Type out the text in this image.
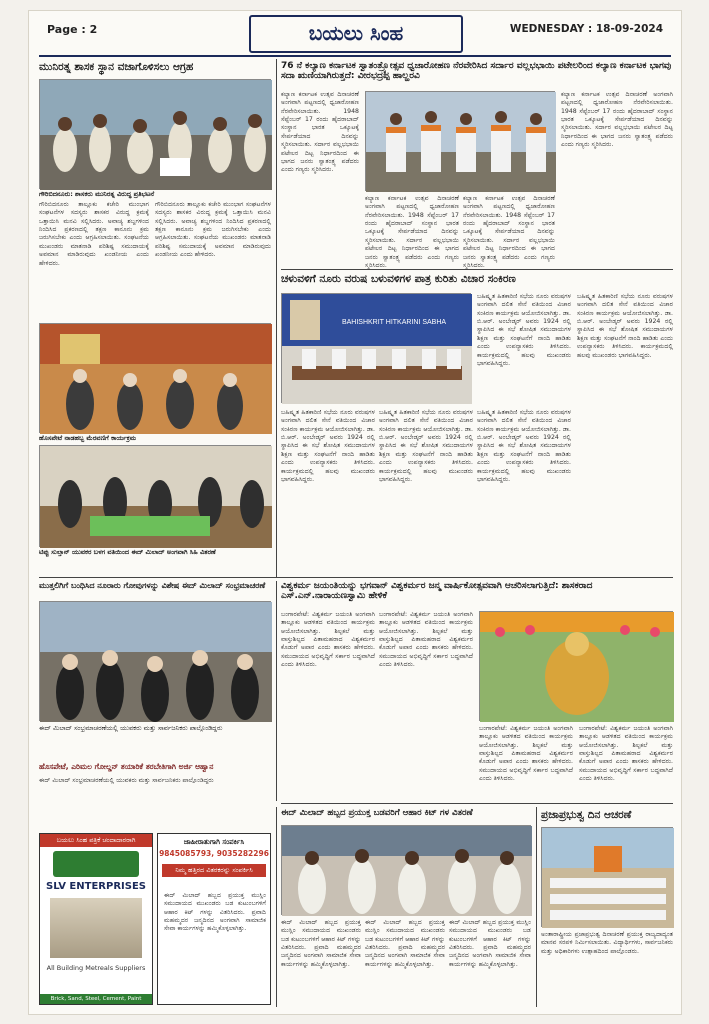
Page : 2	ಬಯಲು ಸಿಂಹ	WEDNESDAY : 18-09-2024
ಮುನಿರತ್ನ ಶಾಸಕ ಸ್ಥಾನ ವಜಾಗೊಳಿಸಲು ಆಗ್ರಹ
ಗೌರಿಬಿದನೂರು: ಶಾಸಕರು ಮುನಿರತ್ನ ವಿರುದ್ಧ ಪ್ರತಿಭಟನೆ
ಗೌರಿಬಿದನೂರು ತಾಲ್ಲೂಕು ಕಚೇರಿ ಮುಂಭಾಗ ಸಂಘಟನೆಗಳ ಸದಸ್ಯರು ಶಾಸಕರ ವಿರುದ್ಧ ಕ್ರಮಕ್ಕೆ ಒತ್ತಾಯಿಸಿ ಮನವಿ ಸಲ್ಲಿಸಿದರು. ಅವಾಚ್ಯ ಶಬ್ದಗಳಿಂದ ನಿಂದಿಸಿದ ಪ್ರಕರಣದಲ್ಲಿ ತಕ್ಷಣ ಕಾನೂನು ಕ್ರಮ ಜರುಗಿಸಬೇಕು ಎಂದು ಆಗ್ರಹಿಸಲಾಯಿತು. ಸಂಘಟನೆಯ ಮುಖಂಡರು ಮಾತನಾಡಿ ಪರಿಶಿಷ್ಟ ಸಮುದಾಯಕ್ಕೆ ಅವಮಾನ ಮಾಡಿರುವುದು ಖಂಡನೀಯ ಎಂದು ಹೇಳಿದರು.
ಗೌರಿಬಿದನೂರು ತಾಲ್ಲೂಕು ಕಚೇರಿ ಮುಂಭಾಗ ಸಂಘಟನೆಗಳ ಸದಸ್ಯರು ಶಾಸಕರ ವಿರುದ್ಧ ಕ್ರಮಕ್ಕೆ ಒತ್ತಾಯಿಸಿ ಮನವಿ ಸಲ್ಲಿಸಿದರು. ಅವಾಚ್ಯ ಶಬ್ದಗಳಿಂದ ನಿಂದಿಸಿದ ಪ್ರಕರಣದಲ್ಲಿ ತಕ್ಷಣ ಕಾನೂನು ಕ್ರಮ ಜರುಗಿಸಬೇಕು ಎಂದು ಆಗ್ರಹಿಸಲಾಯಿತು. ಸಂಘಟನೆಯ ಮುಖಂಡರು ಮಾತನಾಡಿ ಪರಿಶಿಷ್ಟ ಸಮುದಾಯಕ್ಕೆ ಅವಮಾನ ಮಾಡಿರುವುದು ಖಂಡನೀಯ ಎಂದು ಹೇಳಿದರು.
ಹೊಸಪೇಟೆ ನಾಡಹಬ್ಬ ಮೆರವಣಿಗೆ ಕಾರ್ಯಕ್ರಮ
ಟಿಪ್ಪು ಸುಲ್ತಾನ್ ಯುವಕರ ಬಳಗ ವತಿಯಿಂದ ಈದ್ ಮಿಲಾದ್ ಅಂಗವಾಗಿ ಸಿಹಿ ವಿತರಣೆ
76 ನೆ ಕಲ್ಯಾಣ ಕರ್ನಾಟಕ ಸ್ವಾತಂತ್ರ್ಯೋತ್ಸವ ಧ್ವಜಾರೋಹಣ ನೆರವೇರಿಸಿದ ಸರ್ದಾರ ವಲ್ಲಭಭಾಯಿ ಪಟೇಲರಿಂದ ಕಲ್ಯಾಣ ಕರ್ನಾಟಕ ಭಾಗವು ಸದಾ ಋಣಿಯಾಗಿರುತ್ತದೆ: ವೀರಭದ್ರಪ್ಪ ಹಾಲ್ಹರವಿ
ಕಲ್ಯಾಣ ಕರ್ನಾಟಕ ಉತ್ಸವ ದಿನಾಚರಣೆ ಅಂಗವಾಗಿ ಪಟ್ಟಣದಲ್ಲಿ ಧ್ವಜಾರೋಹಣ ನೆರವೇರಿಸಲಾಯಿತು. 1948 ಸೆಪ್ಟೆಂಬರ್ 17 ರಂದು ಹೈದರಾಬಾದ್ ಸಂಸ್ಥಾನ ಭಾರತ ಒಕ್ಕೂಟಕ್ಕೆ ಸೇರ್ಪಡೆಯಾದ ದಿನವನ್ನು ಸ್ಮರಿಸಲಾಯಿತು. ಸರ್ದಾರ ವಲ್ಲಭಭಾಯಿ ಪಟೇಲರ ದಿಟ್ಟ ನಿರ್ಧಾರದಿಂದ ಈ ಭಾಗದ ಜನರು ಸ್ವಾತಂತ್ರ್ಯ ಪಡೆದರು ಎಂದು ಗಣ್ಯರು ಸ್ಮರಿಸಿದರು.
ಕಲ್ಯಾಣ ಕರ್ನಾಟಕ ಉತ್ಸವ ದಿನಾಚರಣೆ ಅಂಗವಾಗಿ ಪಟ್ಟಣದಲ್ಲಿ ಧ್ವಜಾರೋಹಣ ನೆರವೇರಿಸಲಾಯಿತು. 1948 ಸೆಪ್ಟೆಂಬರ್ 17 ರಂದು ಹೈದರಾಬಾದ್ ಸಂಸ್ಥಾನ ಭಾರತ ಒಕ್ಕೂಟಕ್ಕೆ ಸೇರ್ಪಡೆಯಾದ ದಿನವನ್ನು ಸ್ಮರಿಸಲಾಯಿತು. ಸರ್ದಾರ ವಲ್ಲಭಭಾಯಿ ಪಟೇಲರ ದಿಟ್ಟ ನಿರ್ಧಾರದಿಂದ ಈ ಭಾಗದ ಜನರು ಸ್ವಾತಂತ್ರ್ಯ ಪಡೆದರು ಎಂದು ಗಣ್ಯರು ಸ್ಮರಿಸಿದರು.
ಕಲ್ಯಾಣ ಕರ್ನಾಟಕ ಉತ್ಸವ ದಿನಾಚರಣೆ ಅಂಗವಾಗಿ ಪಟ್ಟಣದಲ್ಲಿ ಧ್ವಜಾರೋಹಣ ನೆರವೇರಿಸಲಾಯಿತು. 1948 ಸೆಪ್ಟೆಂಬರ್ 17 ರಂದು ಹೈದರಾಬಾದ್ ಸಂಸ್ಥಾನ ಭಾರತ ಒಕ್ಕೂಟಕ್ಕೆ ಸೇರ್ಪಡೆಯಾದ ದಿನವನ್ನು ಸ್ಮರಿಸಲಾಯಿತು. ಸರ್ದಾರ ವಲ್ಲಭಭಾಯಿ ಪಟೇಲರ ದಿಟ್ಟ ನಿರ್ಧಾರದಿಂದ ಈ ಭಾಗದ ಜನರು ಸ್ವಾತಂತ್ರ್ಯ ಪಡೆದರು ಎಂದು ಗಣ್ಯರು ಸ್ಮರಿಸಿದರು.
ಕಲ್ಯಾಣ ಕರ್ನಾಟಕ ಉತ್ಸವ ದಿನಾಚರಣೆ ಅಂಗವಾಗಿ ಪಟ್ಟಣದಲ್ಲಿ ಧ್ವಜಾರೋಹಣ ನೆರವೇರಿಸಲಾಯಿತು. 1948 ಸೆಪ್ಟೆಂಬರ್ 17 ರಂದು ಹೈದರಾಬಾದ್ ಸಂಸ್ಥಾನ ಭಾರತ ಒಕ್ಕೂಟಕ್ಕೆ ಸೇರ್ಪಡೆಯಾದ ದಿನವನ್ನು ಸ್ಮರಿಸಲಾಯಿತು. ಸರ್ದಾರ ವಲ್ಲಭಭಾಯಿ ಪಟೇಲರ ದಿಟ್ಟ ನಿರ್ಧಾರದಿಂದ ಈ ಭಾಗದ ಜನರು ಸ್ವಾತಂತ್ರ್ಯ ಪಡೆದರು ಎಂದು ಗಣ್ಯರು ಸ್ಮರಿಸಿದರು.
ಚಳುವಳಿಗೆ ನೂರು ವರುಷ ಬಳುವಳಿಗಳ ಪಾತ್ರ ಕುರಿತು ವಿಚಾರ ಸಂಕಿರಣ
BAHISHKRIT HITKARINI SABHA
ಬಹಿಷ್ಕೃತ ಹಿತಕಾರಿಣಿ ಸಭೆಯ ನೂರು ವರುಷಗಳ ಅಂಗವಾಗಿ ದಲಿತ ಸೇನೆ ವತಿಯಿಂದ ವಿಚಾರ ಸಂಕಿರಣ ಕಾರ್ಯಕ್ರಮ ಆಯೋಜಿಸಲಾಗಿತ್ತು. ಡಾ. ಬಿ.ಆರ್. ಅಂಬೇಡ್ಕರ್ ಅವರು 1924 ರಲ್ಲಿ ಸ್ಥಾಪಿಸಿದ ಈ ಸಭೆ ಶೋಷಿತ ಸಮುದಾಯಗಳ ಶಿಕ್ಷಣ ಮತ್ತು ಸಂಘಟನೆಗೆ ನಾಂದಿ ಹಾಡಿತು ಎಂದು ಉಪನ್ಯಾಸಕರು ತಿಳಿಸಿದರು. ಕಾರ್ಯಕ್ರಮದಲ್ಲಿ ಹಲವು ಮುಖಂಡರು ಭಾಗವಹಿಸಿದ್ದರು.
ಬಹಿಷ್ಕೃತ ಹಿತಕಾರಿಣಿ ಸಭೆಯ ನೂರು ವರುಷಗಳ ಅಂಗವಾಗಿ ದಲಿತ ಸೇನೆ ವತಿಯಿಂದ ವಿಚಾರ ಸಂಕಿರಣ ಕಾರ್ಯಕ್ರಮ ಆಯೋಜಿಸಲಾಗಿತ್ತು. ಡಾ. ಬಿ.ಆರ್. ಅಂಬೇಡ್ಕರ್ ಅವರು 1924 ರಲ್ಲಿ ಸ್ಥಾಪಿಸಿದ ಈ ಸಭೆ ಶೋಷಿತ ಸಮುದಾಯಗಳ ಶಿಕ್ಷಣ ಮತ್ತು ಸಂಘಟನೆಗೆ ನಾಂದಿ ಹಾಡಿತು ಎಂದು ಉಪನ್ಯಾಸಕರು ತಿಳಿಸಿದರು. ಕಾರ್ಯಕ್ರಮದಲ್ಲಿ ಹಲವು ಮುಖಂಡರು ಭಾಗವಹಿಸಿದ್ದರು.
ಬಹಿಷ್ಕೃತ ಹಿತಕಾರಿಣಿ ಸಭೆಯ ನೂರು ವರುಷಗಳ ಅಂಗವಾಗಿ ದಲಿತ ಸೇನೆ ವತಿಯಿಂದ ವಿಚಾರ ಸಂಕಿರಣ ಕಾರ್ಯಕ್ರಮ ಆಯೋಜಿಸಲಾಗಿತ್ತು. ಡಾ. ಬಿ.ಆರ್. ಅಂಬೇಡ್ಕರ್ ಅವರು 1924 ರಲ್ಲಿ ಸ್ಥಾಪಿಸಿದ ಈ ಸಭೆ ಶೋಷಿತ ಸಮುದಾಯಗಳ ಶಿಕ್ಷಣ ಮತ್ತು ಸಂಘಟನೆಗೆ ನಾಂದಿ ಹಾಡಿತು ಎಂದು ಉಪನ್ಯಾಸಕರು ತಿಳಿಸಿದರು. ಕಾರ್ಯಕ್ರಮದಲ್ಲಿ ಹಲವು ಮುಖಂಡರು ಭಾಗವಹಿಸಿದ್ದರು.
ಬಹಿಷ್ಕೃತ ಹಿತಕಾರಿಣಿ ಸಭೆಯ ನೂರು ವರುಷಗಳ ಅಂಗವಾಗಿ ದಲಿತ ಸೇನೆ ವತಿಯಿಂದ ವಿಚಾರ ಸಂಕಿರಣ ಕಾರ್ಯಕ್ರಮ ಆಯೋಜಿಸಲಾಗಿತ್ತು. ಡಾ. ಬಿ.ಆರ್. ಅಂಬೇಡ್ಕರ್ ಅವರು 1924 ರಲ್ಲಿ ಸ್ಥಾಪಿಸಿದ ಈ ಸಭೆ ಶೋಷಿತ ಸಮುದಾಯಗಳ ಶಿಕ್ಷಣ ಮತ್ತು ಸಂಘಟನೆಗೆ ನಾಂದಿ ಹಾಡಿತು ಎಂದು ಉಪನ್ಯಾಸಕರು ತಿಳಿಸಿದರು. ಕಾರ್ಯಕ್ರಮದಲ್ಲಿ ಹಲವು ಮುಖಂಡರು ಭಾಗವಹಿಸಿದ್ದರು.
ಬಹಿಷ್ಕೃತ ಹಿತಕಾರಿಣಿ ಸಭೆಯ ನೂರು ವರುಷಗಳ ಅಂಗವಾಗಿ ದಲಿತ ಸೇನೆ ವತಿಯಿಂದ ವಿಚಾರ ಸಂಕಿರಣ ಕಾರ್ಯಕ್ರಮ ಆಯೋಜಿಸಲಾಗಿತ್ತು. ಡಾ. ಬಿ.ಆರ್. ಅಂಬೇಡ್ಕರ್ ಅವರು 1924 ರಲ್ಲಿ ಸ್ಥಾಪಿಸಿದ ಈ ಸಭೆ ಶೋಷಿತ ಸಮುದಾಯಗಳ ಶಿಕ್ಷಣ ಮತ್ತು ಸಂಘಟನೆಗೆ ನಾಂದಿ ಹಾಡಿತು ಎಂದು ಉಪನ್ಯಾಸಕರು ತಿಳಿಸಿದರು. ಕಾರ್ಯಕ್ರಮದಲ್ಲಿ ಹಲವು ಮುಖಂಡರು ಭಾಗವಹಿಸಿದ್ದರು.
ಮುತ್ತಲಿಗಿಗೆ ಬಂಧಿಸಿದ ನೂರಾರು ಗೋವುಗಳನ್ನು ವಿಶೇಷ ಈದ್ ಮಿಲಾದ್ ಸಂಭ್ರಮಾಚರಣೆ
ಈದ್ ಮಿಲಾದ್ ಸಂಭ್ರಮಾಚರಣೆಯಲ್ಲಿ ಯುವಕರು ಮತ್ತು ಸಾರ್ವಜನಿಕರು ಪಾಲ್ಗೊಂಡಿದ್ದರು
ಹೊಸಪೇಟೆ, ಎರಿಮಲ ಗೋಲ್ಡನ್ ತಯಾರಿಕೆ ತರಬೇತಿಗಾಗಿ ಅರ್ಜಿ ಆಹ್ವಾನ
ಈದ್ ಮಿಲಾದ್ ಸಂಭ್ರಮಾಚರಣೆಯಲ್ಲಿ ಯುವಕರು ಮತ್ತು ಸಾರ್ವಜನಿಕರು ಪಾಲ್ಗೊಂಡಿದ್ದರು
ವಿಶ್ವಕರ್ಮ ಜಯಂತಿಯನ್ನು ಭಗವಾನ್ ವಿಶ್ವಕರ್ಮರ ಜನ್ಮ ವಾರ್ಷಿಕೋತ್ಸವವಾಗಿ ಆಚರಿಸಲಾಗುತ್ತಿದೆ: ಶಾಸಕರಾದ ಎಸ್.ಎನ್.ನಾರಾಯಣಸ್ವಾಮಿ ಹೇಳಿಕೆ
ಬಂಗಾರಪೇಟೆ: ವಿಶ್ವಕರ್ಮ ಜಯಂತಿ ಅಂಗವಾಗಿ ತಾಲ್ಲೂಕು ಆಡಳಿತದ ವತಿಯಿಂದ ಕಾರ್ಯಕ್ರಮ ಆಯೋಜಿಸಲಾಗಿತ್ತು. ಶಿಲ್ಪಕಲೆ ಮತ್ತು ವಾಸ್ತುಶಿಲ್ಪದ ಪಿತಾಮಹರಾದ ವಿಶ್ವಕರ್ಮರ ಕೊಡುಗೆ ಅಪಾರ ಎಂದು ಶಾಸಕರು ಹೇಳಿದರು. ಸಮುದಾಯದ ಅಭಿವೃದ್ಧಿಗೆ ಸರ್ಕಾರ ಬದ್ಧವಾಗಿದೆ ಎಂದು ತಿಳಿಸಿದರು.
ಬಂಗಾರಪೇಟೆ: ವಿಶ್ವಕರ್ಮ ಜಯಂತಿ ಅಂಗವಾಗಿ ತಾಲ್ಲೂಕು ಆಡಳಿತದ ವತಿಯಿಂದ ಕಾರ್ಯಕ್ರಮ ಆಯೋಜಿಸಲಾಗಿತ್ತು. ಶಿಲ್ಪಕಲೆ ಮತ್ತು ವಾಸ್ತುಶಿಲ್ಪದ ಪಿತಾಮಹರಾದ ವಿಶ್ವಕರ್ಮರ ಕೊಡುಗೆ ಅಪಾರ ಎಂದು ಶಾಸಕರು ಹೇಳಿದರು. ಸಮುದಾಯದ ಅಭಿವೃದ್ಧಿಗೆ ಸರ್ಕಾರ ಬದ್ಧವಾಗಿದೆ ಎಂದು ತಿಳಿಸಿದರು.
ಬಂಗಾರಪೇಟೆ: ವಿಶ್ವಕರ್ಮ ಜಯಂತಿ ಅಂಗವಾಗಿ ತಾಲ್ಲೂಕು ಆಡಳಿತದ ವತಿಯಿಂದ ಕಾರ್ಯಕ್ರಮ ಆಯೋಜಿಸಲಾಗಿತ್ತು. ಶಿಲ್ಪಕಲೆ ಮತ್ತು ವಾಸ್ತುಶಿಲ್ಪದ ಪಿತಾಮಹರಾದ ವಿಶ್ವಕರ್ಮರ ಕೊಡುಗೆ ಅಪಾರ ಎಂದು ಶಾಸಕರು ಹೇಳಿದರು. ಸಮುದಾಯದ ಅಭಿವೃದ್ಧಿಗೆ ಸರ್ಕಾರ ಬದ್ಧವಾಗಿದೆ ಎಂದು ತಿಳಿಸಿದರು.
ಬಂಗಾರಪೇಟೆ: ವಿಶ್ವಕರ್ಮ ಜಯಂತಿ ಅಂಗವಾಗಿ ತಾಲ್ಲೂಕು ಆಡಳಿತದ ವತಿಯಿಂದ ಕಾರ್ಯಕ್ರಮ ಆಯೋಜಿಸಲಾಗಿತ್ತು. ಶಿಲ್ಪಕಲೆ ಮತ್ತು ವಾಸ್ತುಶಿಲ್ಪದ ಪಿತಾಮಹರಾದ ವಿಶ್ವಕರ್ಮರ ಕೊಡುಗೆ ಅಪಾರ ಎಂದು ಶಾಸಕರು ಹೇಳಿದರು. ಸಮುದಾಯದ ಅಭಿವೃದ್ಧಿಗೆ ಸರ್ಕಾರ ಬದ್ಧವಾಗಿದೆ ಎಂದು ತಿಳಿಸಿದರು.
ಬಯಲು ಸಿಂಹ ಪತ್ರಿಕೆ ಚಂದಾದಾರರಾಗಿ
SLV ENTERPRISES
All Building Metreals Suppliers
Brick, Sand, Steel, Cement, Paint
ಜಾಹೀರಾತುಗಾಗಿ ಸಂಪರ್ಕಿಸಿ
9845085793, 9035282296
ನಿಮ್ಮ ಹತ್ತಿರದ ವಿತರಕರನ್ನು ಸಂಪರ್ಕಿಸಿ
ಈದ್ ಮಿಲಾದ್ ಹಬ್ಬದ ಪ್ರಯುಕ್ತ ಮುಸ್ಲಿಂ ಸಮುದಾಯದ ಮುಖಂಡರು ಬಡ ಕುಟುಂಬಗಳಿಗೆ ಆಹಾರ ಕಿಟ್ ಗಳನ್ನು ವಿತರಿಸಿದರು. ಪ್ರವಾದಿ ಮಹಮ್ಮದರ ಜನ್ಮದಿನದ ಅಂಗವಾಗಿ ಸಾಮಾಜಿಕ ಸೇವಾ ಕಾರ್ಯಗಳನ್ನು ಹಮ್ಮಿಕೊಳ್ಳಲಾಗಿತ್ತು.
ಈದ್ ಮಿಲಾದ್ ಹಬ್ಬದ ಪ್ರಯುಕ್ತ ಬಡವರಿಗೆ ಆಹಾರ ಕಿಟ್ ಗಳ ವಿತರಣೆ
ಈದ್ ಮಿಲಾದ್ ಹಬ್ಬದ ಪ್ರಯುಕ್ತ ಮುಸ್ಲಿಂ ಸಮುದಾಯದ ಮುಖಂಡರು ಬಡ ಕುಟುಂಬಗಳಿಗೆ ಆಹಾರ ಕಿಟ್ ಗಳನ್ನು ವಿತರಿಸಿದರು. ಪ್ರವಾದಿ ಮಹಮ್ಮದರ ಜನ್ಮದಿನದ ಅಂಗವಾಗಿ ಸಾಮಾಜಿಕ ಸೇವಾ ಕಾರ್ಯಗಳನ್ನು ಹಮ್ಮಿಕೊಳ್ಳಲಾಗಿತ್ತು.
ಈದ್ ಮಿಲಾದ್ ಹಬ್ಬದ ಪ್ರಯುಕ್ತ ಮುಸ್ಲಿಂ ಸಮುದಾಯದ ಮುಖಂಡರು ಬಡ ಕುಟುಂಬಗಳಿಗೆ ಆಹಾರ ಕಿಟ್ ಗಳನ್ನು ವಿತರಿಸಿದರು. ಪ್ರವಾದಿ ಮಹಮ್ಮದರ ಜನ್ಮದಿನದ ಅಂಗವಾಗಿ ಸಾಮಾಜಿಕ ಸೇವಾ ಕಾರ್ಯಗಳನ್ನು ಹಮ್ಮಿಕೊಳ್ಳಲಾಗಿತ್ತು.
ಈದ್ ಮಿಲಾದ್ ಹಬ್ಬದ ಪ್ರಯುಕ್ತ ಮುಸ್ಲಿಂ ಸಮುದಾಯದ ಮುಖಂಡರು ಬಡ ಕುಟುಂಬಗಳಿಗೆ ಆಹಾರ ಕಿಟ್ ಗಳನ್ನು ವಿತರಿಸಿದರು. ಪ್ರವಾದಿ ಮಹಮ್ಮದರ ಜನ್ಮದಿನದ ಅಂಗವಾಗಿ ಸಾಮಾಜಿಕ ಸೇವಾ ಕಾರ್ಯಗಳನ್ನು ಹಮ್ಮಿಕೊಳ್ಳಲಾಗಿತ್ತು.
ಪ್ರಜಾಪ್ರಭುತ್ವ ದಿನ ಆಚರಣೆ
ಅಂತಾರಾಷ್ಟ್ರೀಯ ಪ್ರಜಾಪ್ರಭುತ್ವ ದಿನಾಚರಣೆ ಪ್ರಯುಕ್ತ ರಾಜ್ಯದಾದ್ಯಂತ ಮಾನವ ಸರಪಳಿ ನಿರ್ಮಿಸಲಾಯಿತು. ವಿದ್ಯಾರ್ಥಿಗಳು, ಸಾರ್ವಜನಿಕರು ಮತ್ತು ಅಧಿಕಾರಿಗಳು ಉತ್ಸಾಹದಿಂದ ಪಾಲ್ಗೊಂಡರು.
